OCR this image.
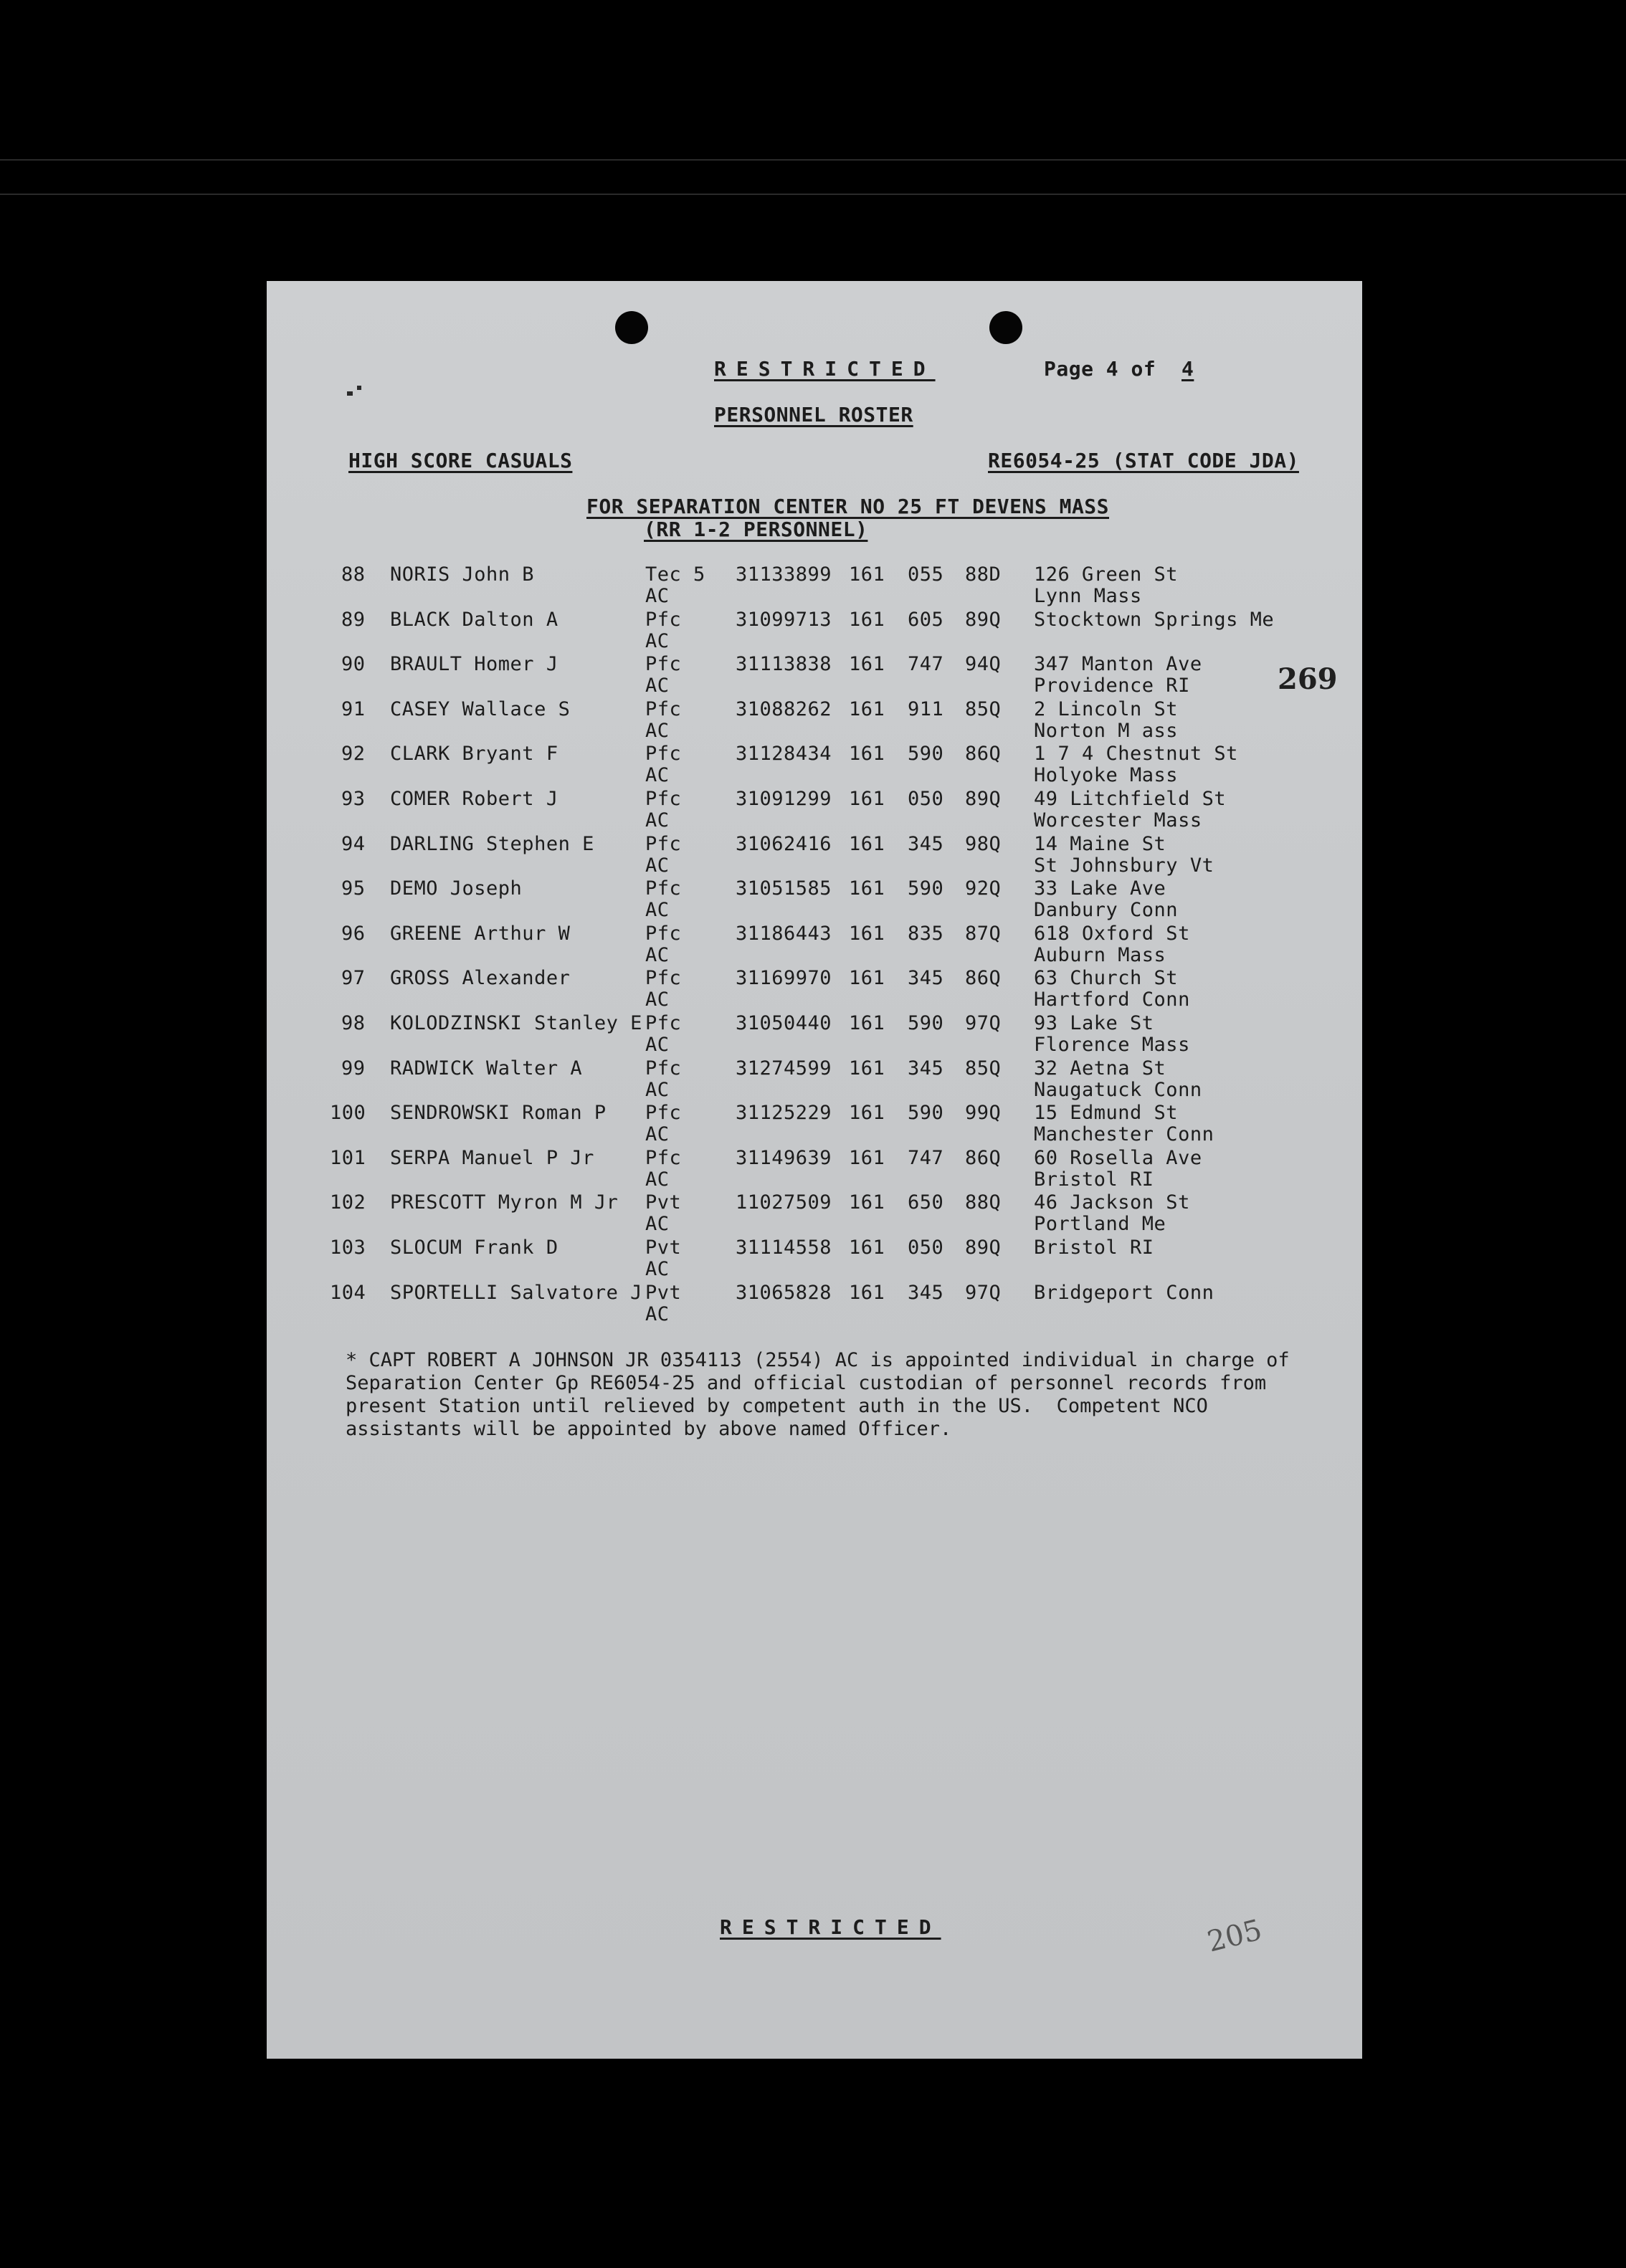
RESTRICTED	Page 4 of 4
PERSONNEL ROSTER
HIGH SCORE CASUALS	RE6054-25 (STAT CODE JDA)
FOR SEPARATION CENTER NO 25 FT DEVENS MASS
(RR 1-2 PERSONNEL)
269
88 NORIS John B	Tec 5 31133899 161 055 88D 126 Green St
AC	Lynn Mass
89 BLACK Dalton A	Pfc	31099713 161 605 89Q Stocktown Springs Me
AC
90 BRAULT Homer J	Pfc	31113838 161 747 94Q 347 Manton Ave
AC	Providence RI
91 CASEY Wallace S	Pfc	31088262 161 911 85Q 2 Lincoln St
AC	Norton M ass
92 CLARK Bryant F	Pfc	31128434 161 590 86Q 1 7 4 Chestnut St
AC	Holyoke Mass
93 COMER Robert J	Pfc	31091299 161 050 89Q 49 Litchfield St
AC	Worcester Mass
94 DARLING Stephen E	Pfc	31062416 161 345 98Q 14 Maine St
AC	St Johnsbury Vt
95 DEMO Joseph	Pfc	31051585 161 590 92Q 33 Lake Ave
AC	Danbury Conn
96 GREENE Arthur W	Pfc	31186443 161 835 87Q 618 Oxford St
AC	Auburn Mass
97 GROSS Alexander	Pfc	31169970 161 345 86Q 63 Church St
AC	Hartford Conn
98 KOLODZINSKI Stanley E Pfc	31050440 161 590 97Q 93 Lake St
AC	Florence Mass
99 RADWICK Walter A	Pfc	31274599 161 345 85Q 32 Aetna St
AC	Naugatuck Conn
100 SENDROWSKI Roman P Pfc	31125229 161 590 99Q 15 Edmund St
AC	Manchester Conn
101 SERPA Manuel P Jr	Pfc	31149639 161 747 86Q 60 Rosella Ave
AC	Bristol RI
102 PRESCOTT Myron M Jr Pvt	11027509 161 650 88Q 46 Jackson St
AC	Portland Me
103 SLOCUM Frank D	Pvt	31114558 161 050 89Q Bristol RI
AC
104 SPORTELLI Salvatore J Pvt	31065828 161 345 97Q Bridgeport Conn
AC
* CAPT ROBERT A JOHNSON JR 0354113 (2554) AC is appointed individual in charge of
Separation Center Gp RE6054-25 and official custodian of personnel records from
present Station until relieved by competent auth in the US.  Competent NCO
assistants will be appointed by above named Officer.
RESTRICTED	205
